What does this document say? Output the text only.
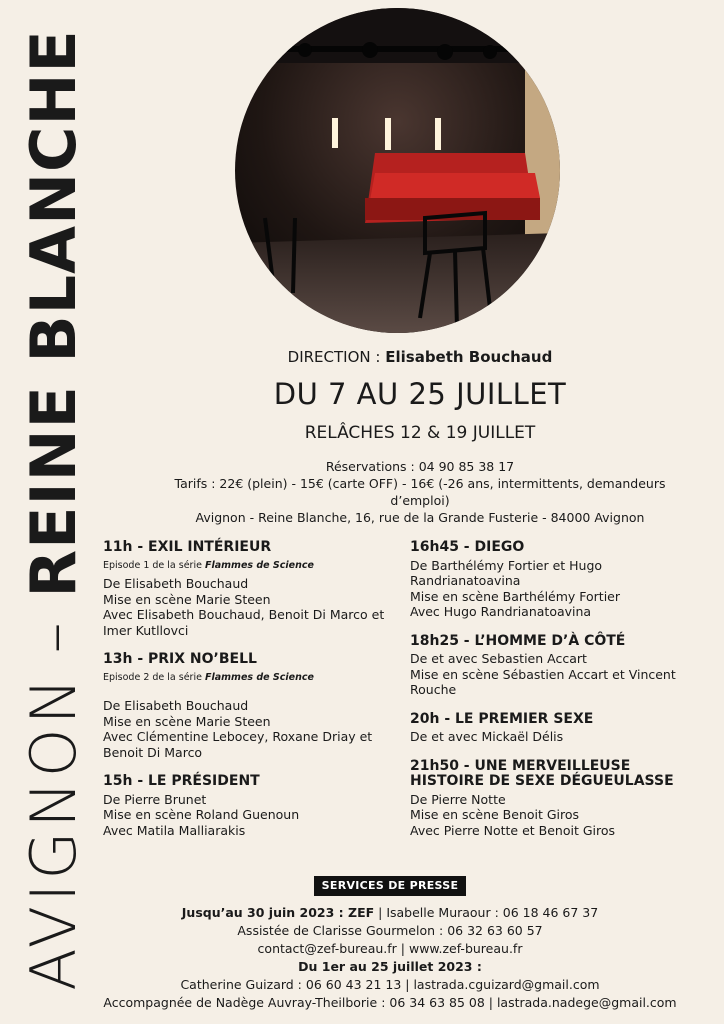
AVIGNON – REINE BLANCHE	DIRECTION : Elisabeth Bouchaud
DU 7 AU 25 JUILLET
RELÂCHES 12 & 19 JUILLET
Réservations : 04 90 85 38 17
Tarifs : 22€ (plein) - 15€ (carte OFF) - 16€ (-26 ans, intermittents, demandeurs d’emploi)
Avignon - Reine Blanche, 16, rue de la Grande Fusterie - 84000 Avignon
11h - EXIL INTÉRIEUR
Episode 1 de la série Flammes de Science

De Elisabeth Bouchaud

Mise en scène Marie Steen

Avec Elisabeth Bouchaud, Benoit Di Marco et Imer Kutllovci

13h - PRIX NO’BELL
Episode 2 de la série Flammes de Science

De Elisabeth Bouchaud

Mise en scène Marie Steen

Avec Clémentine Lebocey, Roxane Driay et Benoit Di Marco

15h - LE PRÉSIDENT

De Pierre Brunet

Mise en scène Roland Guenoun

Avec Matila Malliarakis

16h45 - DIEGO

De Barthélémy Fortier et Hugo Randrianatoavina

Mise en scène Barthélémy Fortier

Avec Hugo Randrianatoavina

18h25 - L’HOMME D’À CÔTÉ

De et avec Sebastien Accart

Mise en scène Sébastien Accart et Vincent Rouche

20h - LE PREMIER SEXE

De et avec Mickaël Délis

21h50 - UNE MERVEILLEUSE HISTOIRE DE SEXE DÉGUEULASSE

De Pierre Notte

Mise en scène Benoit Giros

Avec Pierre Notte et Benoit Giros

SERVICES DE PRESSE
Jusqu’au 30 juin 2023 : ZEF | Isabelle Muraour : 06 18 46 67 37
Assistée de Clarisse Gourmelon : 06 32 63 60 57
contact@zef-bureau.fr | www.zef-bureau.fr
Du 1er au 25 juillet 2023 :
Catherine Guizard : 06 60 43 21 13 | lastrada.cguizard@gmail.com
Accompagnée de Nadège Auvray-Theilborie : 06 34 63 85 08 | lastrada.nadege@gmail.com
